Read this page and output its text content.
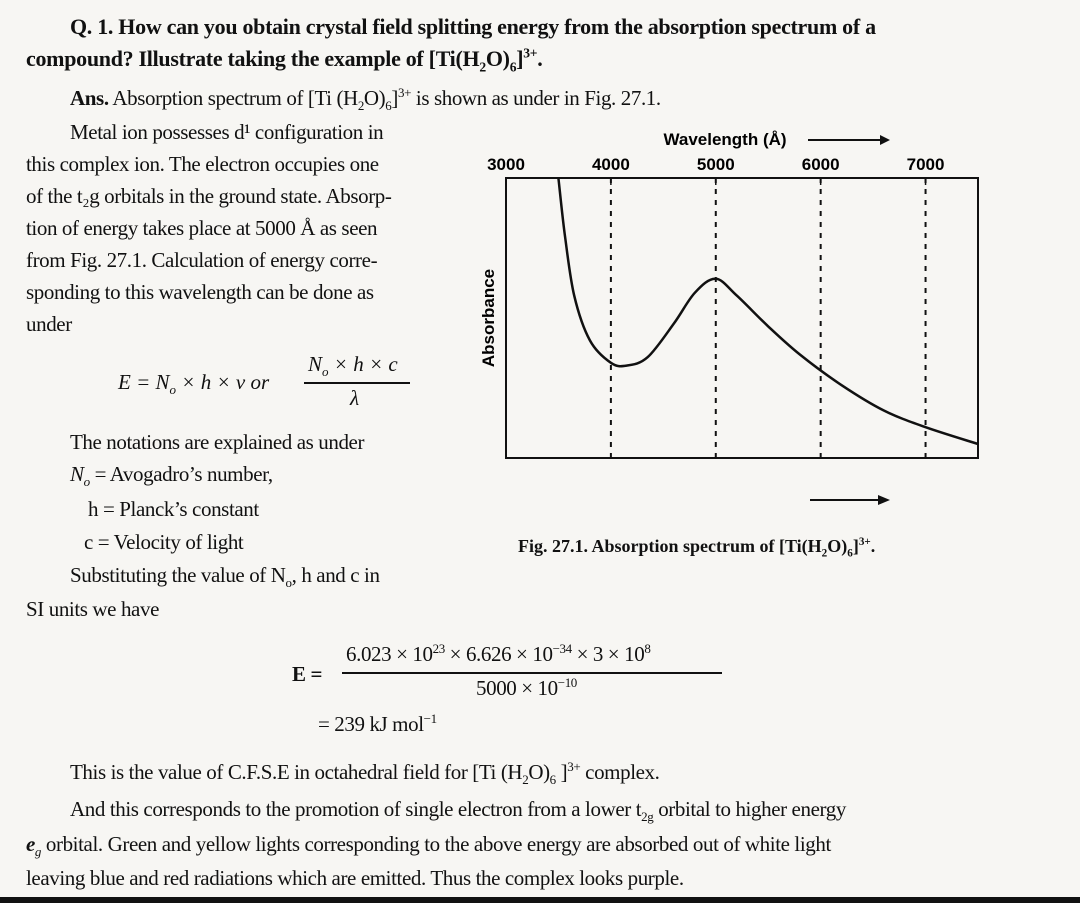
Q. 1. How can you obtain crystal field splitting energy from the absorption spectrum of a
compound? Illustrate taking the example of $[Ti(H_2O)_6]^{3+}$.
Ans. Absorption spectrum of [Ti $(H_2O)_6]^{3+}$ is shown as under in Fig. 27.1.
Metal ion possesses d¹ configuration in
this complex ion. The electron occupies one
of the t₂g orbitals in the ground state. Absorp-
tion of energy takes place at 5000 Å as seen
from Fig. 27.1. Calculation of energy corre-
sponding to this wavelength can be done as
under
$E = N_o \times h \times v$ or
$N_o \times h \times c$
λ
The notations are explained as under
$N_o$ = Avogadro’s number,
h = Planck’s constant
c = Velocity of light
Substituting the value of $N_o$, h and c in
SI units we have
E =
$6.023 \times 10^{23} \times 6.626 \times 10^{-34} \times 3 \times 10^8$
$5000 \times 10^{-10}$
= 239 kJ mol$^{-1}$
This is the value of C.F.S.E in octahedral field for [Ti $(H_2O)_6$ ]$^{3+}$ complex.
And this corresponds to the promotion of single electron from a lower $t_{2g}$ orbital to higher energy
$e_g$ orbital. Green and yellow lights corresponding to the above energy are absorbed out of white light
leaving blue and red radiations which are emitted. Thus the complex looks purple.
3000	4000	5000	6000	7000
Wavelength (Å)
Absorbance
Fig. 27.1. Absorption spectrum of $[Ti(H_2O)_6]^{3+}$.
